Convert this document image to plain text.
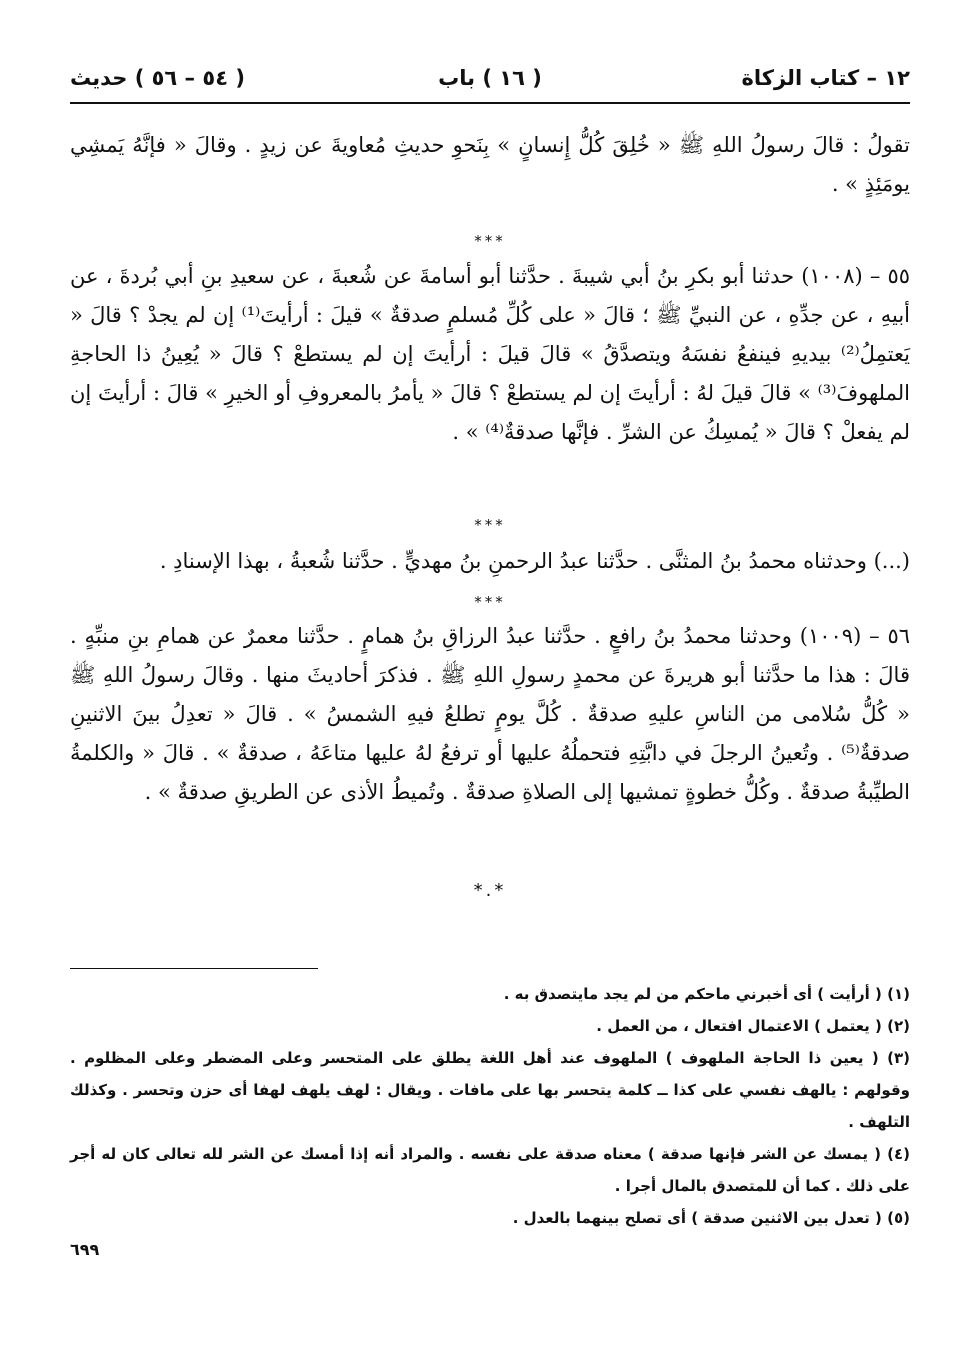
١٢ – كتاب الزكاة
( ١٦ ) باب
( ٥٤ – ٥٦ ) حديث

تقولُ : قالَ رسولُ اللهِ ﷺ « خُلِقَ كُلُّ إِنسانٍ » بِنَحوِ حديثِ مُعاويةَ عن زيدٍ . وقالَ « فإنَّهُ يَمشِي يومَئِذٍ » .

***

٥٥ – (١٠٠٨) حدثنا أبو بكرِ بنُ أبي شيبةَ . حدَّثنا أبو أسامةَ عن شُعبةَ ، عن سعيدِ بنِ أبي بُردةَ ، عن أبيهِ ، عن جدِّهِ ، عن النبيِّ ﷺ ؛ قالَ « على كُلِّ مُسلمٍ صدقةٌ » قيلَ : أرأيتَ⁽¹⁾ إن لم يجدْ ؟ قالَ « يَعتمِلُ⁽²⁾ بيديهِ فينفعُ نفسَهُ ويتصدَّقُ » قالَ قيلَ : أرأيتَ إن لم يستطعْ ؟ قالَ « يُعِينُ ذا الحاجةِ الملهوفَ⁽³⁾ » قالَ قيلَ لهُ : أرأيتَ إن لم يستطعْ ؟ قالَ « يأمرُ بالمعروفِ أو الخيرِ » قالَ : أرأيتَ إن لم يفعلْ ؟ قالَ « يُمسِكُ عن الشرِّ . فإنَّها صدقةٌ⁽⁴⁾ » .

***

(...) وحدثناه محمدُ بنُ المثنَّى . حدَّثنا عبدُ الرحمنِ بنُ مهديٍّ . حدَّثنا شُعبةُ ، بهذا الإسنادِ .

***

٥٦ – (١٠٠٩) وحدثنا محمدُ بنُ رافعٍ . حدَّثنا عبدُ الرزاقِ بنُ همامٍ . حدَّثنا معمرٌ عن همامِ بنِ منبِّهٍ . قالَ : هذا ما حدَّثنا أبو هريرةَ عن محمدٍ رسولِ اللهِ ﷺ . فذكرَ أحاديثَ منها . وقالَ رسولُ اللهِ ﷺ « كُلُّ سُلامى من الناسِ عليهِ صدقةٌ . كُلَّ يومٍ تطلعُ فيهِ الشمسُ » . قالَ « تعدِلُ بينَ الاثنينِ صدقةٌ⁽⁵⁾ . وتُعينُ الرجلَ في دابَّتِهِ فتحملُهُ عليها أو ترفعُ لهُ عليها متاعَهُ ، صدقةٌ » . قالَ « والكلمةُ الطيِّبةُ صدقةٌ . وكُلُّ خطوةٍ تمشيها إلى الصلاةِ صدقةٌ . وتُميطُ الأذى عن الطريقِ صدقةٌ » .

*.*

(١) ( أرأيت ) أى أخبرني ماحكم من لم يجد مايتصدق به .

(٢) ( يعتمل ) الاعتمال افتعال ، من العمل .

(٣) ( يعين ذا الحاجة الملهوف ) الملهوف عند أهل اللغة يطلق على المتحسر وعلى المضطر وعلى المظلوم . وقولهم : يالهف نفسي على كذا ــ كلمة يتحسر بها على مافات . ويقال : لهف يلهف لهفا أى حزن وتحسر . وكذلك التلهف .

(٤) ( يمسك عن الشر فإنها صدقة ) معناه صدقة على نفسه . والمراد أنه إذا أمسك عن الشر لله تعالى كان له أجر على ذلك . كما أن للمتصدق بالمال أجرا .

(٥) ( تعدل بين الاثنين صدقة ) أى تصلح بينهما بالعدل .

٦٩٩
